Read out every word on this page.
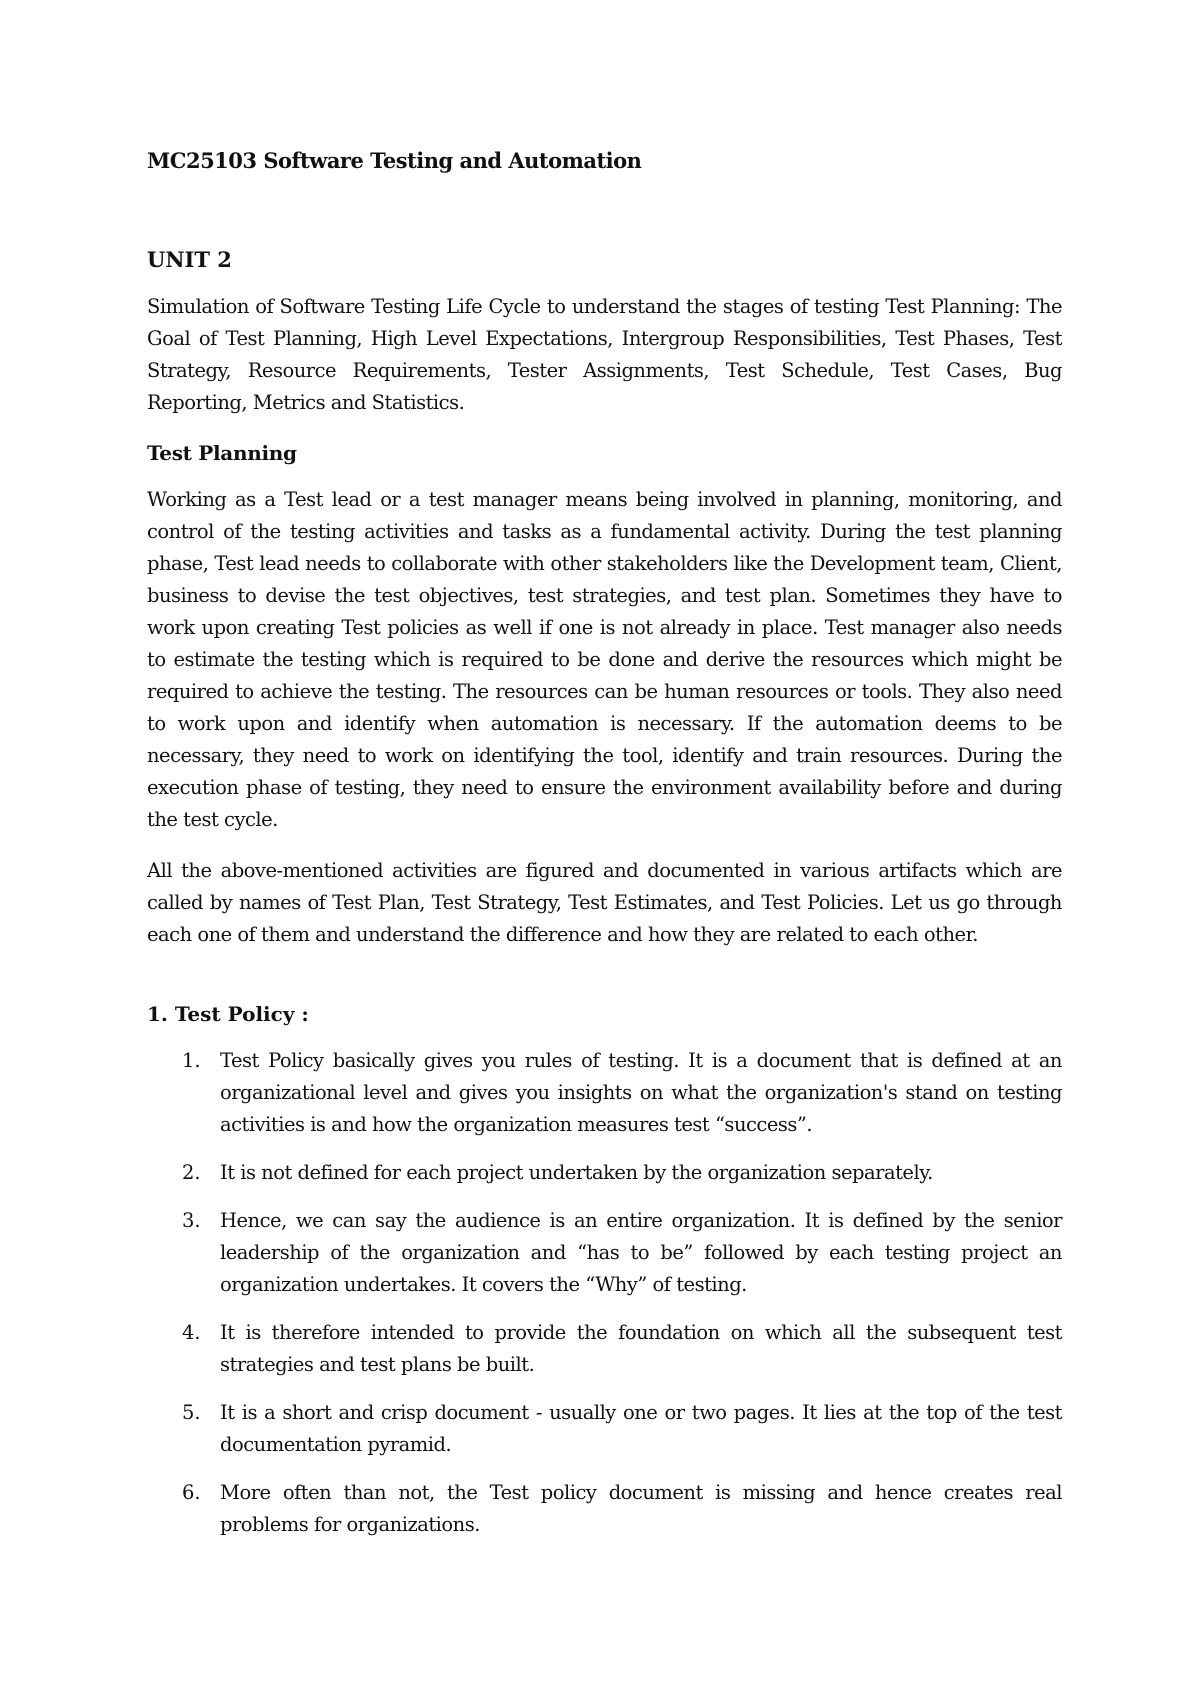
MC25103 Software Testing and Automation
UNIT 2

Simulation of Software Testing Life Cycle to understand the stages of testing Test Planning: The Goal of Test Planning, High Level Expectations, Intergroup Responsibilities, Test Phases, Test Strategy, Resource Requirements, Tester Assignments, Test Schedule, Test Cases, Bug Reporting, Metrics and Statistics.

Test Planning

Working as a Test lead or a test manager means being involved in planning, monitoring, and control of the testing activities and tasks as a fundamental activity. During the test planning phase, Test lead needs to collaborate with other stakeholders like the Development team, Client, business to devise the test objectives, test strategies, and test plan. Sometimes they have to work upon creating Test policies as well if one is not already in place. Test manager also needs to estimate the testing which is required to be done and derive the resources which might be required to achieve the testing. The resources can be human resources or tools. They also need to work upon and identify when automation is necessary. If the automation deems to be necessary, they need to work on identifying the tool, identify and train resources. During the execution phase of testing, they need to ensure the environment availability before and during the test cycle.

All the above-mentioned activities are figured and documented in various artifacts which are called by names of Test Plan, Test Strategy, Test Estimates, and Test Policies. Let us go through each one of them and understand the difference and how they are related to each other.

1. Test Policy :
1. Test Policy basically gives you rules of testing. It is a document that is defined at an organizational level and gives you insights on what the organization's stand on testing activities is and how the organization measures test “success”.

2. It is not defined for each project undertaken by the organization separately.

3. Hence, we can say the audience is an entire organization. It is defined by the senior leadership of the organization and “has to be” followed by each testing project an organization undertakes. It covers the “Why” of testing.

4. It is therefore intended to provide the foundation on which all the subsequent test strategies and test plans be built.

5. It is a short and crisp document - usually one or two pages. It lies at the top of the test documentation pyramid.

6. More often than not, the Test policy document is missing and hence creates real problems for organizations.
